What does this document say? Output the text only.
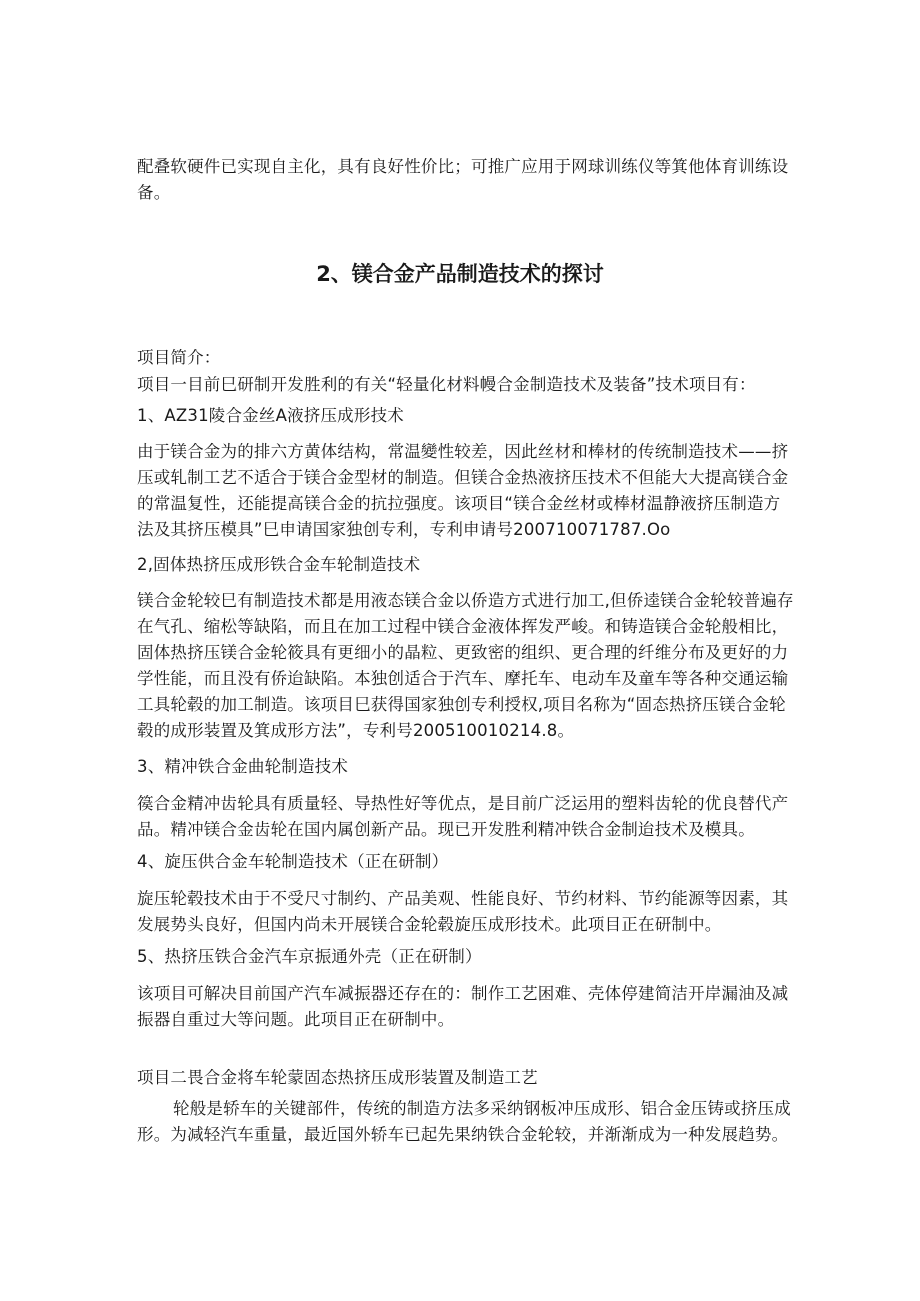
配叠软硬件已实现自主化，具有良好性价比；可推广应用于网球训练仪等箕他体育训练设备。

2、镁合金产品制造技术的探讨

项目简介：

项目一目前巳研制开发胜利的有关“轻量化材料幔合金制造技术及装备”技术项目有：

1、AZ31陵合金丝A液挤压成形技术

由于镁合金为的排六方黄体结构，常温變性较差，因此丝材和棒材的传统制造技术——挤压或轧制工艺不适合于镁合金型材的制造。但镁合金热液挤压技术不但能大大提高镁合金的常温复性，还能提高镁合金的抗拉强度。该项目“镁合金丝材或棒材温静液挤压制造方法及其挤压模具”巳申请国家独创专利，专利申请号200710071787.Oo

2,固体热挤压成形铁合金车轮制造技术

镁合金轮较巳有制造技术都是用液态镁合金以侨造方式进行加工,但侨逵镁合金轮较普遍存在气孔、缩松等缺陷，而且在加工过程中镁合金液体挥发严峻。和铸造镁合金轮般相比，固体热挤压镁合金轮筱具有更细小的晶粒、更致密的组织、更合理的纤维分布及更好的力学性能，而且没有侨迨缺陷。本独创适合于汽车、摩托车、电动车及童车等各种交通运输工具轮毂的加工制造。该项目巳获得国家独创专利授权,项目名称为“固态热挤压镁合金轮毂的成形装置及箕成形方法”，专利号200510010214.8。

3、精冲铁合金曲轮制造技术

篌合金精冲齿轮具有质量轻、导热性好等优点，是目前广泛运用的塑料齿轮的优良替代产品。精冲镁合金齿轮在国内属创新产品。现已开发胜利精冲铁合金制迨技术及模具。

4、旋压供合金车轮制造技术（正在研制）

旋压轮毂技术由于不受尺寸制约、产品美观、性能良好、节约材料、节约能源等因素，其发展势头良好，但国内尚未开展镁合金轮毂旋压成形技术。此项目正在研制中。

5、热挤压铁合金汽车京振通外壳（正在研制）

该项目可解决目前国产汽车减振器还存在的：制作工艺困难、壳体停建简洁开岸漏油及减振器自重过大等问题。此项目正在研制中。

项目二畏合金将车轮蒙固态热挤压成形装置及制造工艺

轮般是轿车的关键部件，传统的制造方法多采纳钢板冲压成形、铝合金压铸或挤压成形。为减轻汽车重量，最近国外轿车已起先果纳铁合金轮较，并渐渐成为一种发展趋势。
